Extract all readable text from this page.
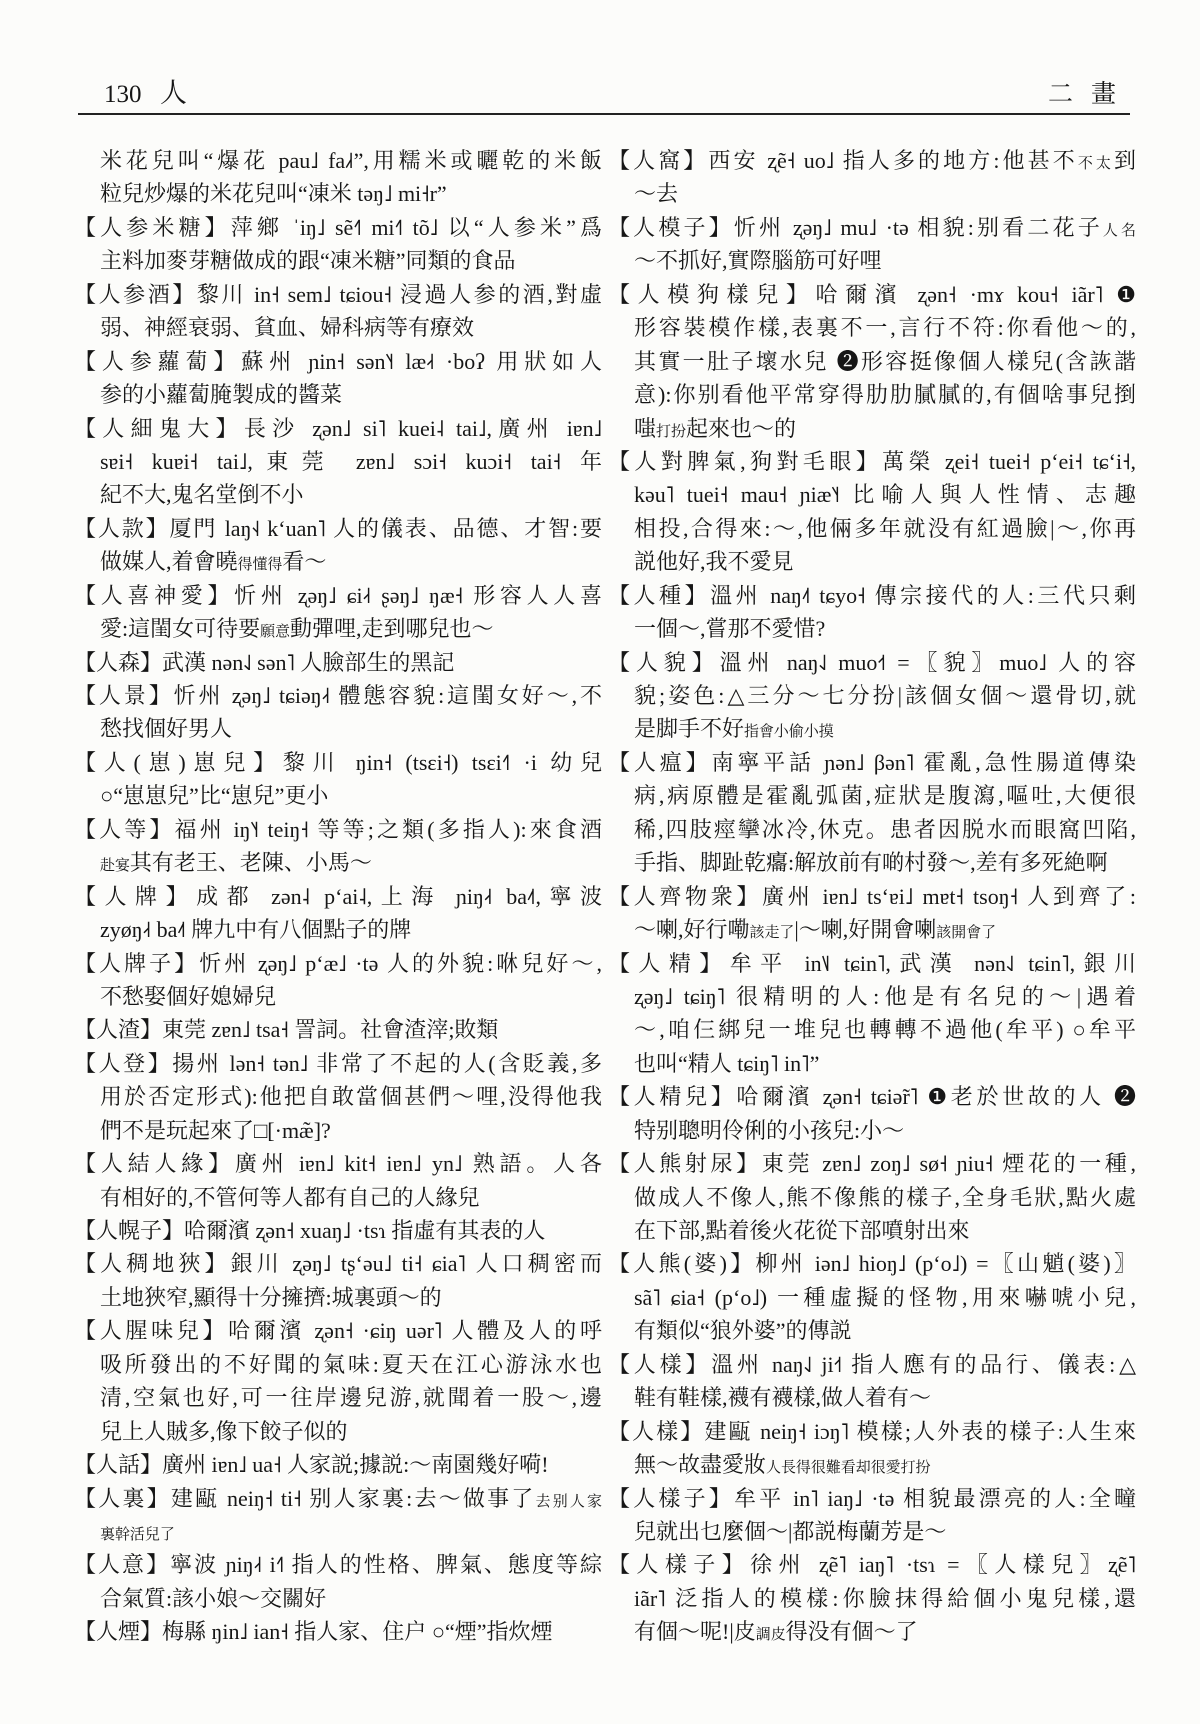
130 人	二畫
米花兒叫“爆花 pau˩ fa˩˧”,用糯米或曬乾的米飯
粒兒炒爆的米花兒叫“凍米 təŋ˩ mi˧r”
【人参米糖】萍鄉 ˈiŋ˩ sẽ˧˥ mi˧˥ tõ˩ 以“人参米”爲
主料加麥芽糖做成的跟“凍米糖”同類的食品
【人参酒】黎川 in˧ sem˩ tɕiou˧ 浸過人参的酒,對虛
弱、神經衰弱、貧血、婦科病等有療效
【人参蘿蔔】蘇州 ɲin˧ sən˥˧ læ˨˧ ·boʔ 用狀如人
参的小蘿蔔腌製成的醬菜
【人細鬼大】長沙 ʐən˩ si˥ kuei˨ tai˩,廣州 iɐn˩
sɐi˧ kuɐi˧ tai˩,東莞 zɐn˩ sɔi˧ kuɔi˧ tai˧ 年
紀不大,鬼名堂倒不小
【人款】厦門 laŋ˧˨ kʻuan˥ 人的儀表、品德、才智:要
做媒人,着會曉得懂得看～
【人喜神愛】忻州 ʐəŋ˩ ɕi˨˧ ʂəŋ˩ ŋæ˧ 形容人人喜
愛:這閨女可待要願意動彈哩,走到哪兒也～
【人森】武漢 nən˨˩ sən˥ 人臉部生的黑記
【人景】忻州 ʐəŋ˩ tɕiəŋ˨˧ 體態容貌:這閨女好～,不
愁找個好男人
【人(崽)崽兒】黎川 ŋin˧ (tsɛi˧) tsɛi˧˥ ·i 幼兒
○“崽崽兒”比“崽兒”更小
【人等】福州 iŋ˥˧ teiŋ˧ 等等;之類(多指人):來食酒
赴宴其有老王、老陳、小馬～
【人牌】成都 zən˨ pʻai˨,上海 ɲiŋ˨˧ ba˨˦,寧波
zyøŋ˨˧ ba˨˦ 牌九中有八個點子的牌
【人牌子】忻州 ʐəŋ˩ pʻæ˩ ·tə 人的外貌:咻兒好～,
不愁娶個好媳婦兒
【人渣】東莞 zɐn˩ tsa˧ 詈詞。社會渣滓;敗類
【人登】揚州 lən˧ tən˩ 非常了不起的人(含貶義,多
用於否定形式):他把自敢當個甚們～哩,没得他我
們不是玩起來了□[·mæ̃]?
【人結人緣】廣州 iɐn˩ kit˧ iɐn˩ yn˩ 熟語。人各
有相好的,不管何等人都有自己的人緣兒
【人幌子】哈爾濱 ʐən˧ xuaŋ˩ ·tsɿ 指虛有其表的人
【人稠地狹】銀川 ʐəŋ˩ tʂʻəu˩ ti˧ ɕia˥ 人口稠密而
土地狹窄,顯得十分擁擠:城裏頭～的
【人腥味兒】哈爾濱 ʐən˧ ·ɕiŋ uər˥ 人體及人的呼
吸所發出的不好聞的氣味:夏天在江心游泳水也
清,空氣也好,可一往岸邊兒游,就聞着一股～,邊
兒上人賊多,像下餃子似的
【人話】廣州 iɐn˩ ua˧ 人家説;據説:～南園幾好嗬!
【人裏】建甌 neiŋ˧ ti˧ 别人家裏:去～做事了去别人家
裏幹活兒了
【人意】寧波 ɲiŋ˨˧ i˧˥ 指人的性格、脾氣、態度等綜
合氣質:該小娘～交關好
【人煙】梅縣 ŋin˩ ian˧ 指人家、住户 ○“煙”指炊煙
【人窩】西安 ʐẽ˧ uo˩ 指人多的地方:他甚不不太到
～去
【人模子】忻州 ʐəŋ˩ mu˩ ·tə 相貌:别看二花子人名
～不抓好,實際腦筋可好哩
【人模狗樣兒】哈爾濱 ʐən˧ ·mɤ kou˧ iãr˥ ❶
形容裝模作樣,表裏不一,言行不符:你看他～的,
其實一肚子壞水兒 ❷形容挺像個人樣兒(含詼諧
意):你别看他平常穿得肋肋膩膩的,有個啥事兒捯
嗤打扮起來也～的
【人對脾氣,狗對毛眼】萬榮 ʐei˧ tuei˧ pʻei˧ tɕʻi˧,
kəu˥ tuei˧ mau˧ ɲiæ˥˧ 比喻人與人性情、志趣
相投,合得來:～,他倆多年就没有紅過臉|～,你再
説他好,我不愛見
【人種】溫州 naŋ˨˦ tɕyo˧ 傳宗接代的人:三代只剩
一個～,嘗那不愛惜?
【人貌】溫州 naŋ˨˩ muo˧˦ =〖貌〗muo˩ 人的容
貌;姿色:△三分～七分扮|該個女個～還骨切,就
是脚手不好指會小偷小摸
【人瘟】南寧平話 ɲən˩ βən˥ 霍亂,急性腸道傳染
病,病原體是霍亂弧菌,症狀是腹瀉,嘔吐,大便很
稀,四肢痙攣冰冷,休克。患者因脱水而眼窩凹陷,
手指、脚趾乾癟:解放前有啲村發～,差有多死絶啊
【人齊物衆】廣州 iɐn˩ tsʻɐi˩ mɐt˧ tsoŋ˧ 人到齊了:
～喇,好行嘞該走了|～喇,好開會喇該開會了
【人精】牟平 in˥˩ tɕin˥,武漢 nən˨˩ tɕin˥,銀川
ʐəŋ˩ tɕiŋ˥ 很精明的人:他是有名兒的～|遇着
～,咱仨綁兒一堆兒也轉轉不過他(牟平) ○牟平
也叫“精人 tɕiŋ˥ in˥”
【人精兒】哈爾濱 ʐən˧ tɕiə̃r˥ ❶老於世故的人 ❷
特别聰明伶俐的小孩兒:小～
【人熊射尿】東莞 zɐn˩ zoŋ˩ sø˧ ɲiu˧ 煙花的一種,
做成人不像人,熊不像熊的樣子,全身毛狀,點火處
在下部,點着後火花從下部噴射出來
【人熊(婆)】柳州 iən˩ hioŋ˩ (pʻo˩) =〖山魈(婆)〗
sã˥ ɕia˧ (pʻo˩) 一種虛擬的怪物,用來嚇唬小兒,
有類似“狼外婆”的傳説
【人樣】溫州 naŋ˨˩ ji˧˦ 指人應有的品行、儀表:△
鞋有鞋樣,襪有襪樣,做人着有～
【人樣】建甌 neiŋ˧ iɔŋ˥ 模樣;人外表的樣子:人生來
無～故盡愛妝人長得很難看却很愛打扮
【人樣子】牟平 in˥ iaŋ˩ ·tə 相貌最漂亮的人:全疃
兒就出乜麼個～|都説梅蘭芳是～
【人樣子】徐州 ʐẽ˥ iaŋ˥ ·tsɿ =〖人樣兒〗ʐẽ˥
iãr˥ 泛指人的模樣:你臉抹得給個小鬼兒樣,還
有個～呢!|皮調皮得没有個～了
